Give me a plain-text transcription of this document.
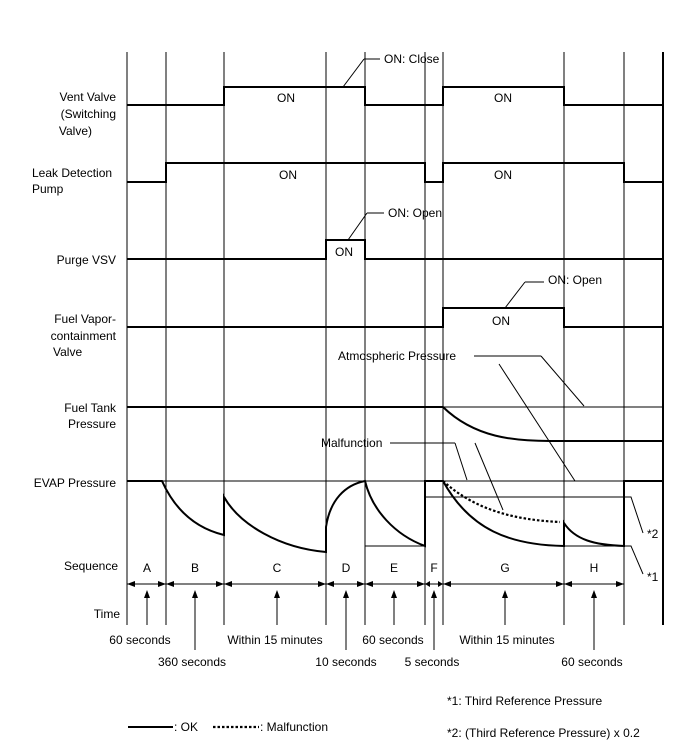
Vent Valve
(Switching
Valve)
Leak Detection
Pump
Purge VSV
Fuel Vapor-
containment
Valve
Fuel Tank
Pressure
EVAP Pressure
Sequence
Time
ON	ON
ON: Close
ON	ON
ON
ON: Open
ON
ON: Open
Atmospheric Pressure
Malfunction
*2
*1
A	B	C	D	E	F	G	H
60 seconds
360 seconds
Within 15 minutes
10 seconds
60 seconds
5 seconds
Within 15 minutes
60 seconds
*1: Third Reference Pressure
*2: (Third Reference Pressure) x 0.2
: OK	: Malfunction
